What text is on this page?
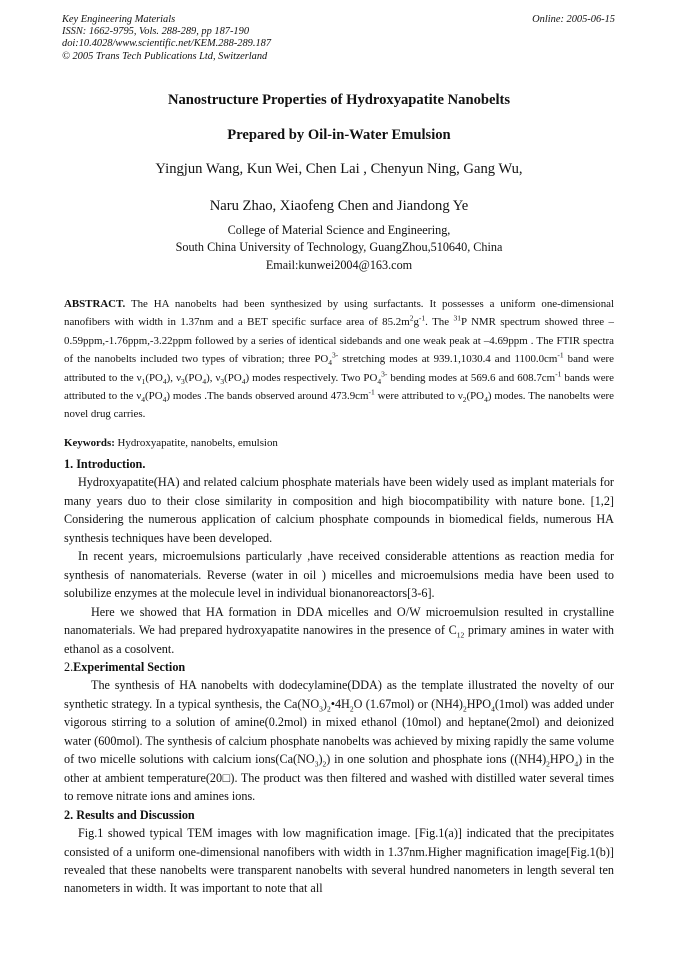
Key Engineering Materials
ISSN: 1662-9795, Vols. 288-289, pp 187-190
doi:10.4028/www.scientific.net/KEM.288-289.187
© 2005 Trans Tech Publications Ltd, Switzerland
Online: 2005-06-15
Nanostructure Properties of Hydroxyapatite Nanobelts
Prepared by Oil-in-Water Emulsion
Yingjun Wang, Kun Wei, Chen Lai , Chenyun Ning, Gang Wu,
Naru Zhao, Xiaofeng Chen and Jiandong Ye
College of Material Science and Engineering,
South China University of Technology, GuangZhou,510640, China
Email:kunwei2004@163.com
ABSTRACT. The HA nanobelts had been synthesized by using surfactants. It possesses a uniform one-dimensional nanofibers with width in 1.37nm and a BET specific surface area of $85.2m^2g^{-1}$. The $^{31}$P NMR spectrum showed three –0.59ppm,-1.76ppm,-3.22ppm followed by a series of identical sidebands and one weak peak at –4.69ppm . The FTIR spectra of the nanobelts included two types of vibration; three $PO_4^{3-}$ stretching modes at 939.1,1030.4 and $1100.0cm^{-1}$ band were attributed to the $\nu_1(PO_4)$, $\nu_3(PO_4)$, $\nu_3(PO_4)$ modes respectively. Two $PO_4^{3-}$ bending modes at 569.6 and $608.7cm^{-1}$ bands were attributed to the $\nu_4(PO_4)$ modes .The bands observed around $473.9cm^{-1}$ were attributed to $\nu_2(PO_4)$ modes. The nanobelts were novel drug carries.
Keywords: Hydroxyapatite, nanobelts, emulsion

1. Introduction.

Hydroxyapatite(HA) and related calcium phosphate materials have been widely used as implant materials for many years duo to their close similarity in composition and high biocompatibility with nature bone. [1,2] Considering the numerous application of calcium phosphate compounds in biomedical fields, numerous HA synthesis techniques have been developed.

In recent years, microemulsions particularly ,have received considerable attentions as reaction media for synthesis of nanomaterials. Reverse (water in oil ) micelles and microemulsions media have been used to solubilize enzymes at the molecule level in individual bionanoreactors[3-6].

Here we showed that HA formation in DDA micelles and O/W microemulsion resulted in crystalline nanomaterials. We had prepared hydroxyapatite nanowires in the presence of $C_{12}$ primary amines in water with ethanol as a cosolvent.

2.Experimental Section

The synthesis of HA nanobelts with dodecylamine(DDA) as the template illustrated the novelty of our synthetic strategy. In a typical synthesis, the $Ca(NO_3)_2•4H_2O$ (1.67mol) or $(NH4)_2HPO_4(1mol)$ was added under vigorous stirring to a solution of amine(0.2mol) in mixed ethanol (10mol) and heptane(2mol) and deionized water (600mol). The synthesis of calcium phosphate nanobelts was achieved by mixing rapidly the same volume of two micelle solutions with calcium $ions(Ca(NO_3)_2)$ in one solution and phosphate ions $((NH4)_2HPO_4)$ in the other at ambient temperature(20□). The product was then filtered and washed with distilled water several times to remove nitrate ions and amines ions.

2. Results and Discussion

Fig.1 showed typical TEM images with low magnification image. [Fig.1(a)] indicated that the precipitates consisted of a uniform one-dimensional nanofibers with width in 1.37nm.Higher magnification image[Fig.1(b)] revealed that these nanobelts were transparent nanobelts with several hundred nanometers in length several ten nanometers in width. It was important to note that all
